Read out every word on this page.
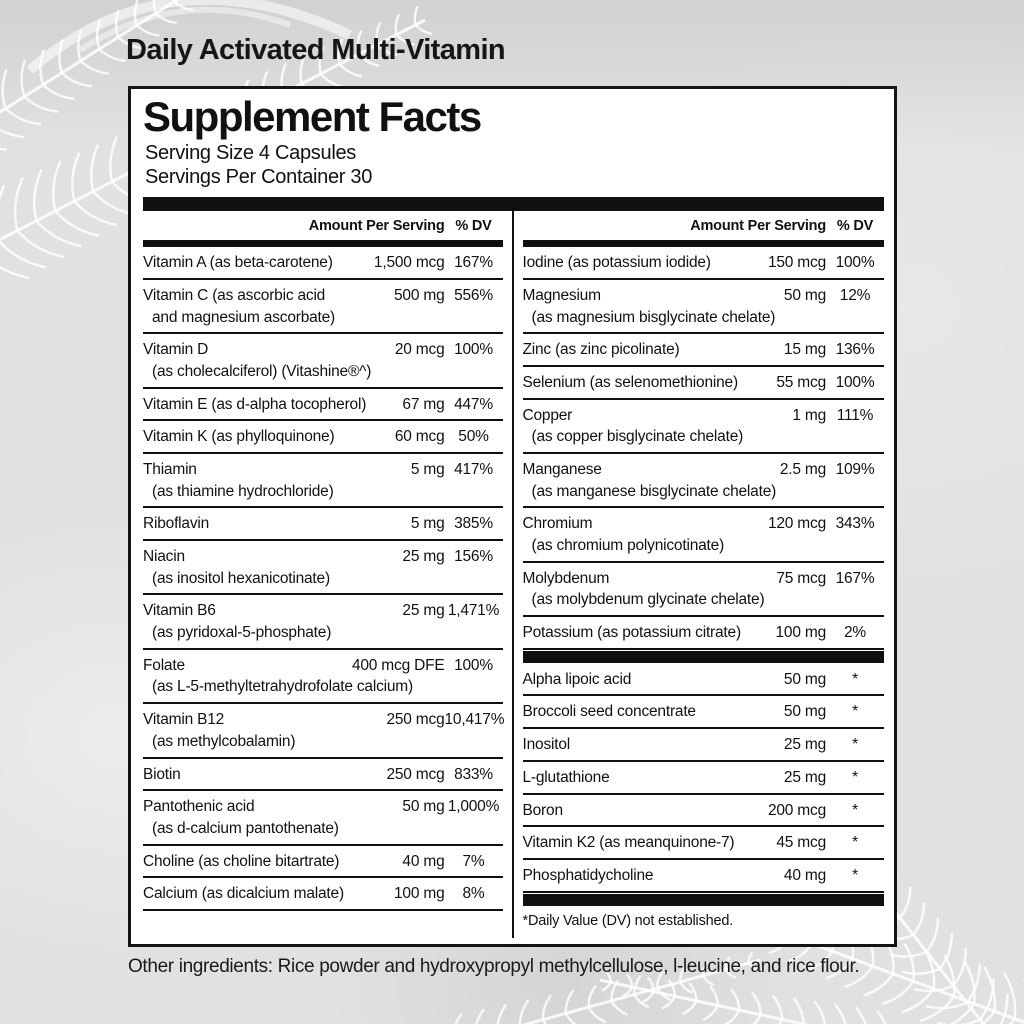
Daily Activated Multi-Vitamin
Supplement Facts
Serving Size 4 Capsules
Servings Per Container 30
Amount Per Serving % DV
Vitamin A (as beta-carotene)	1,500 mcg 167%
Vitamin C (as ascorbic acid	500 mg 556%
and magnesium ascorbate)
Vitamin D	20 mcg 100%
(as cholecalciferol) (Vitashine®^)
Vitamin E (as d-alpha tocopherol)	67 mg 447%
Vitamin K (as phylloquinone)	60 mcg 50%
Thiamin	5 mg 417%
(as thiamine hydrochloride)
Riboflavin	5 mg 385%
Niacin	25 mg 156%
(as inositol hexanicotinate)
Vitamin B6	25 mg 1,471%
(as pyridoxal-5-phosphate)
Folate	400 mcg DFE 100%
(as L-5-methyltetrahydrofolate calcium)
Vitamin B12	250 mcg 10,417%
(as methylcobalamin)
Biotin	250 mcg 833%
Pantothenic acid	50 mg 1,000%
(as d-calcium pantothenate)
Choline (as choline bitartrate)	40 mg	7%
Calcium (as dicalcium malate)	100 mg	8%
Amount Per Serving % DV
Iodine (as potassium iodide)	150 mcg 100%
Magnesium	50 mg 12%
(as magnesium bisglycinate chelate)
Zinc (as zinc picolinate)	15 mg 136%
Selenium (as selenomethionine)	55 mcg 100%
Copper	1 mg 111%
(as copper bisglycinate chelate)
Manganese	2.5 mg 109%
(as manganese bisglycinate chelate)
Chromium	120 mcg 343%
(as chromium polynicotinate)
Molybdenum	75 mcg 167%
(as molybdenum glycinate chelate)
Potassium (as potassium citrate)	100 mg	2%
Alpha lipoic acid	50 mg	*
Broccoli seed concentrate	50 mg	*
Inositol	25 mg	*
L-glutathione	25 mg	*
Boron	200 mcg	*
Vitamin K2 (as meanquinone-7)	45 mcg	*
Phosphatidycholine	40 mg	*
*Daily Value (DV) not established.

Other ingredients: Rice powder and hydroxypropyl methylcellulose, l-leucine, and rice flour.
